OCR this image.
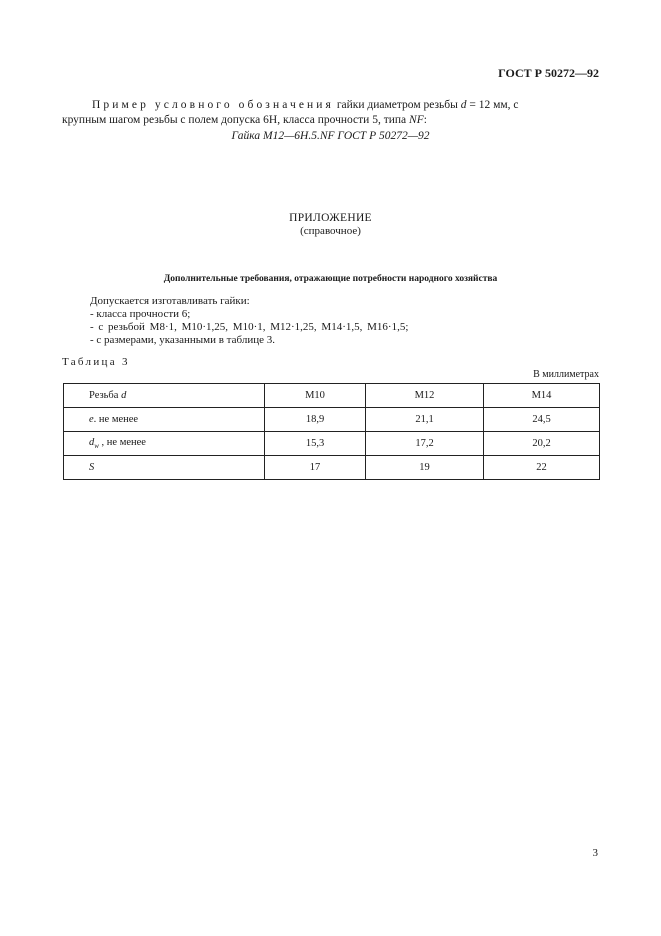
ГОСТ Р 50272—92
Пример условного обозначения гайки диаметром резьбы d = 12 мм, с
крупным шагом резьбы с полем допуска 6Н, класса прочности 5, типа NF:
Гайка М12—6Н.5.NF ГОСТ Р 50272—92
ПРИЛОЖЕНИЕ
(справочное)
Дополнительные требования, отражающие потребности народного хозяйства
Допускается изготавливать гайки:
- класса прочности 6;
- с резьбой М8·1, М10·1,25, М10·1, М12·1,25, М14·1,5, М16·1,5;
- с размерами, указанными в таблице 3.
Таблица 3
В миллиметрах
Резьба d	М10	М12	М14
е. не менее	18,9	21,1	24,5
$d_w$ , не менее	15,3	17,2	20,2
S	17	19	22
3
